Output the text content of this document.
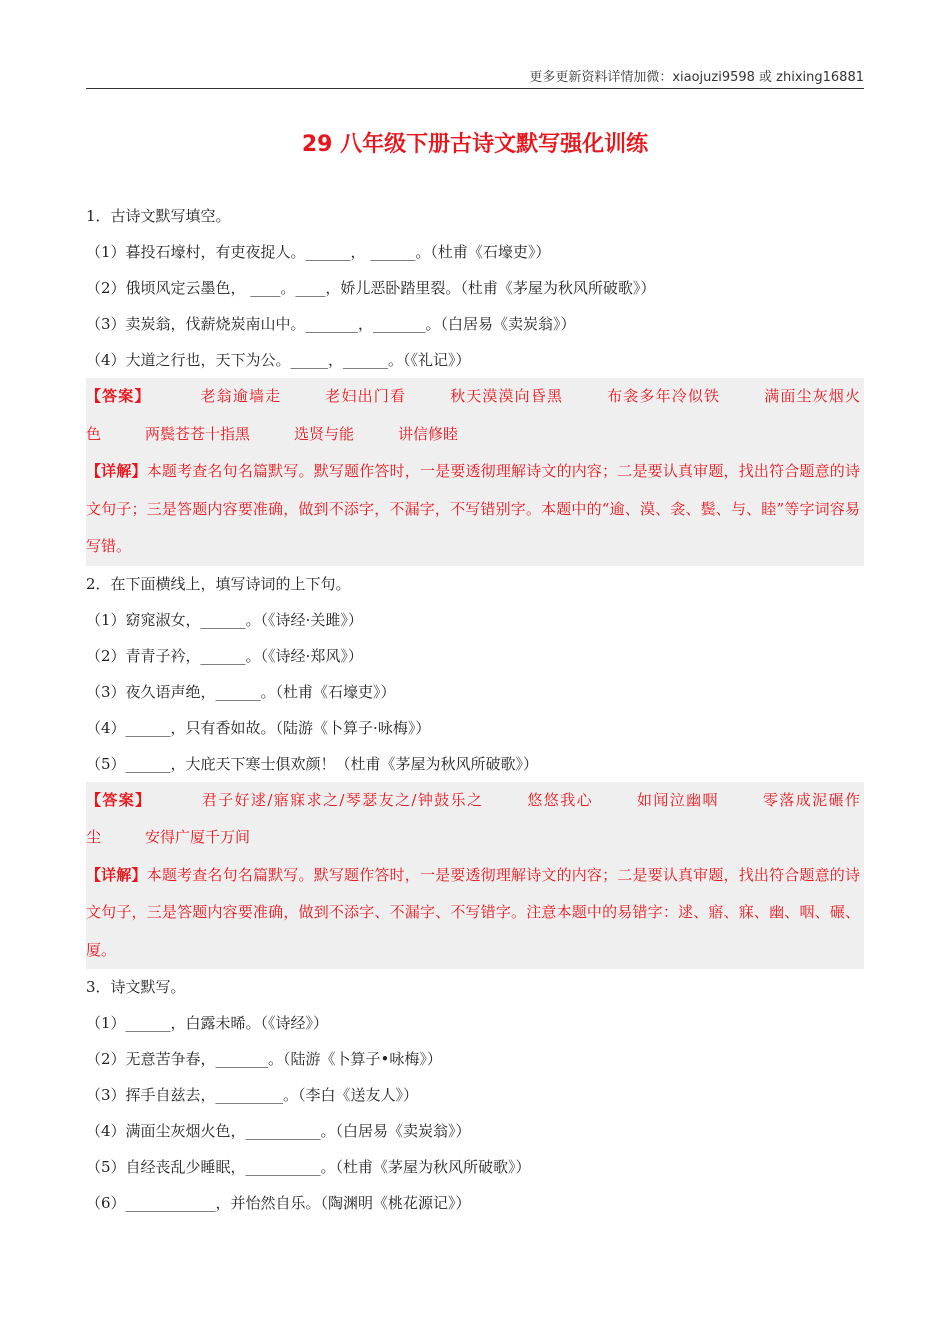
更多更新资料详情加微：xiaojuzi9598 或 zhixing16881
29 八年级下册古诗文默写强化训练
1．古诗文默写填空。
（1）暮投石壕村，有吏夜捉人。______， ______。（杜甫《石壕吏》）
（2）俄顷风定云墨色， ____。____，娇儿恶卧踏里裂。（杜甫《茅屋为秋风所破歌》）
（3）卖炭翁，伐薪烧炭南山中。_______，_______。（白居易《卖炭翁》）
（4）大道之行也，天下为公。_____，______。（《礼记》）
【答案】	老翁逾墙走	老妇出门看	秋天漠漠向昏黑	布衾多年冷似铁	满面尘灰烟火色	两鬓苍苍十指黑	选贤与能	讲信修睦
【详解】本题考查名句名篇默写。默写题作答时，一是要透彻理解诗文的内容；二是要认真审题，找出符合题意的诗文句子；三是答题内容要准确，做到不添字，不漏字，不写错别字。本题中的“逾、漠、衾、鬓、与、睦”等字词容易写错。
2．在下面横线上，填写诗词的上下句。
（1）窈窕淑女，______。（《诗经·关雎》）
（2）青青子衿，______。（《诗经·郑风》）
（3）夜久语声绝，______。（杜甫《石壕吏》）
（4）______，只有香如故。（陆游《卜算子·咏梅》）
（5）______，大庇天下寒士俱欢颜！（杜甫《茅屋为秋风所破歌》）
【答案】	君子好逑/寤寐求之/琴瑟友之/钟鼓乐之	悠悠我心	如闻泣幽咽	零落成泥碾作尘	安得广厦千万间
【详解】本题考查名句名篇默写。默写题作答时，一是要透彻理解诗文的内容；二是要认真审题，找出符合题意的诗文句子，三是答题内容要准确，做到不添字、不漏字、不写错字。注意本题中的易错字：逑、寤、寐、幽、咽、碾、厦。
3．诗文默写。
（1）______，白露未晞。（《诗经》）
（2）无意苦争春，_______。（陆游《卜算子•咏梅》）
（3）挥手自兹去，_________。（李白《送友人》）
（4）满面尘灰烟火色，__________。（白居易《卖炭翁》）
（5）自经丧乱少睡眠，__________。（杜甫《茅屋为秋风所破歌》）
（6）____________，并怡然自乐。（陶渊明《桃花源记》）
